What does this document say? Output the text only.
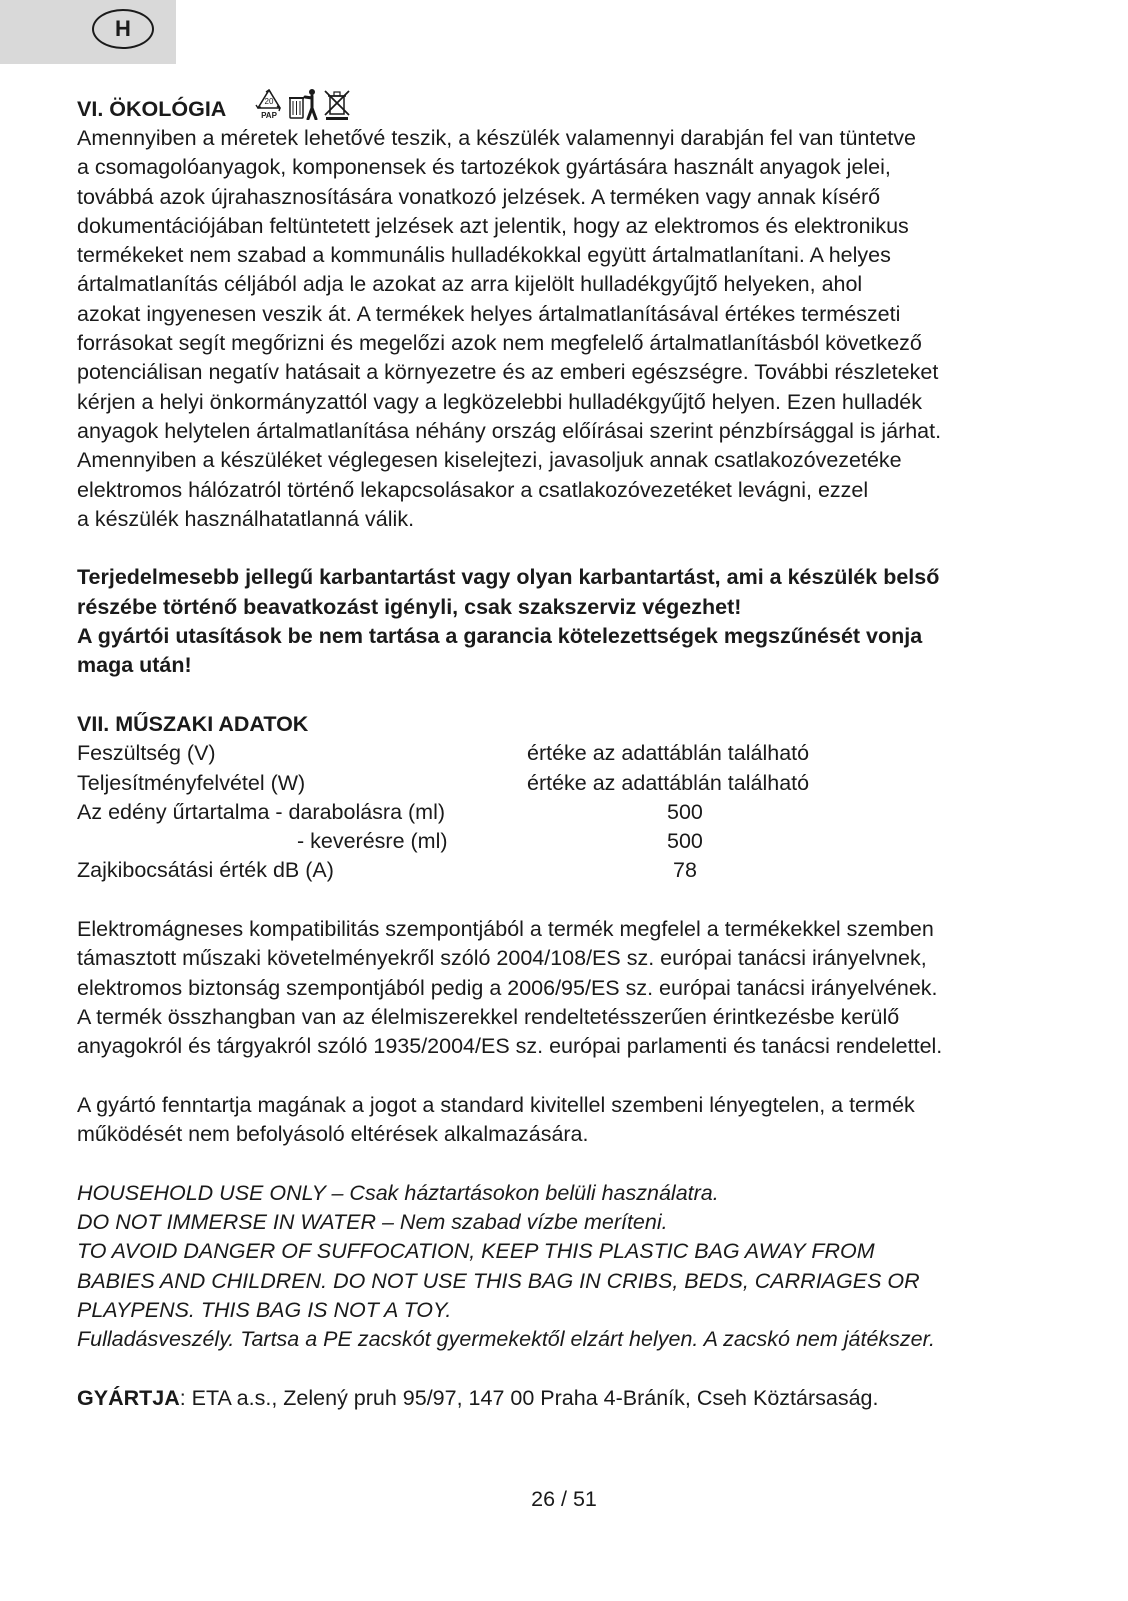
H
VI. ÖKOLÓGIA	20
PAP

Amennyiben a méretek lehetővé teszik, a készülék valamennyi darabján fel van tüntetve

a csomagolóanyagok, komponensek és tartozékok gyártására használt anyagok jelei,

továbbá azok újrahasznosítására vonatkozó jelzések. A terméken vagy annak kísérő

dokumentációjában feltüntetett jelzések azt jelentik, hogy az elektromos és elektronikus

termékeket nem szabad a kommunális hulladékokkal együtt ártalmatlanítani. A helyes

ártalmatlanítás céljából adja le azokat az arra kijelölt hulladékgyűjtő helyeken, ahol

azokat ingyenesen veszik át. A termékek helyes ártalmatlanításával értékes természeti

forrásokat segít megőrizni és megelőzi azok nem megfelelő ártalmatlanításból következő

potenciálisan negatív hatásait a környezetre és az emberi egészségre. További részleteket

kérjen a helyi önkormányzattól vagy a legközelebbi hulladékgyűjtő helyen. Ezen hulladék

anyagok helytelen ártalmatlanítása néhány ország előírásai szerint pénzbírsággal is járhat.

Amennyiben a készüléket véglegesen kiselejtezi, javasoljuk annak csatlakozóvezetéke

elektromos hálózatról történő lekapcsolásakor a csatlakozóvezetéket levágni, ezzel

a készülék használhatatlanná válik.

Terjedelmesebb jellegű karbantartást vagy olyan karbantartást, ami a készülék belső

részébe történő beavatkozást igényli, csak szakszerviz végezhet!

A gyártói utasítások be nem tartása a garancia kötelezettségek megszűnését vonja

maga után!

VII. MŰSZAKI ADATOK

Feszültség (V)	értéke az adattáblán található
Teljesítményfelvétel (W)	értéke az adattáblán található
Az edény űrtartalma - darabolásra (ml)	500
- keverésre (ml)	500
Zajkibocsátási érték dB (A)	78

Elektromágneses kompatibilitás szempontjából a termék megfelel a termékekkel szemben

támasztott műszaki követelményekről szóló 2004/108/ES sz. európai tanácsi irányelvnek,

elektromos biztonság szempontjából pedig a 2006/95/ES sz. európai tanácsi irányelvének.

A termék összhangban van az élelmiszerekkel rendeltetésszerűen érintkezésbe kerülő

anyagokról és tárgyakról szóló 1935/2004/ES sz. európai parlamenti és tanácsi rendelettel.

A gyártó fenntartja magának a jogot a standard kivitellel szembeni lényegtelen, a termék

működését nem befolyásoló eltérések alkalmazására.

HOUSEHOLD USE ONLY – Csak háztartásokon belüli használatra.

DO NOT IMMERSE IN WATER – Nem szabad vízbe meríteni.

TO AVOID DANGER OF SUFFOCATION, KEEP THIS PLASTIC BAG AWAY FROM

BABIES AND CHILDREN. DO NOT USE THIS BAG IN CRIBS, BEDS, CARRIAGES OR

PLAYPENS. THIS BAG IS NOT A TOY.

Fulladásveszély. Tartsa a PE zacskót gyermekektől elzárt helyen. A zacskó nem játékszer.

GYÁRTJA: ETA a.s., Zelený pruh 95/97, 147 00 Praha 4-Bráník, Cseh Köztársaság.

26 / 51
